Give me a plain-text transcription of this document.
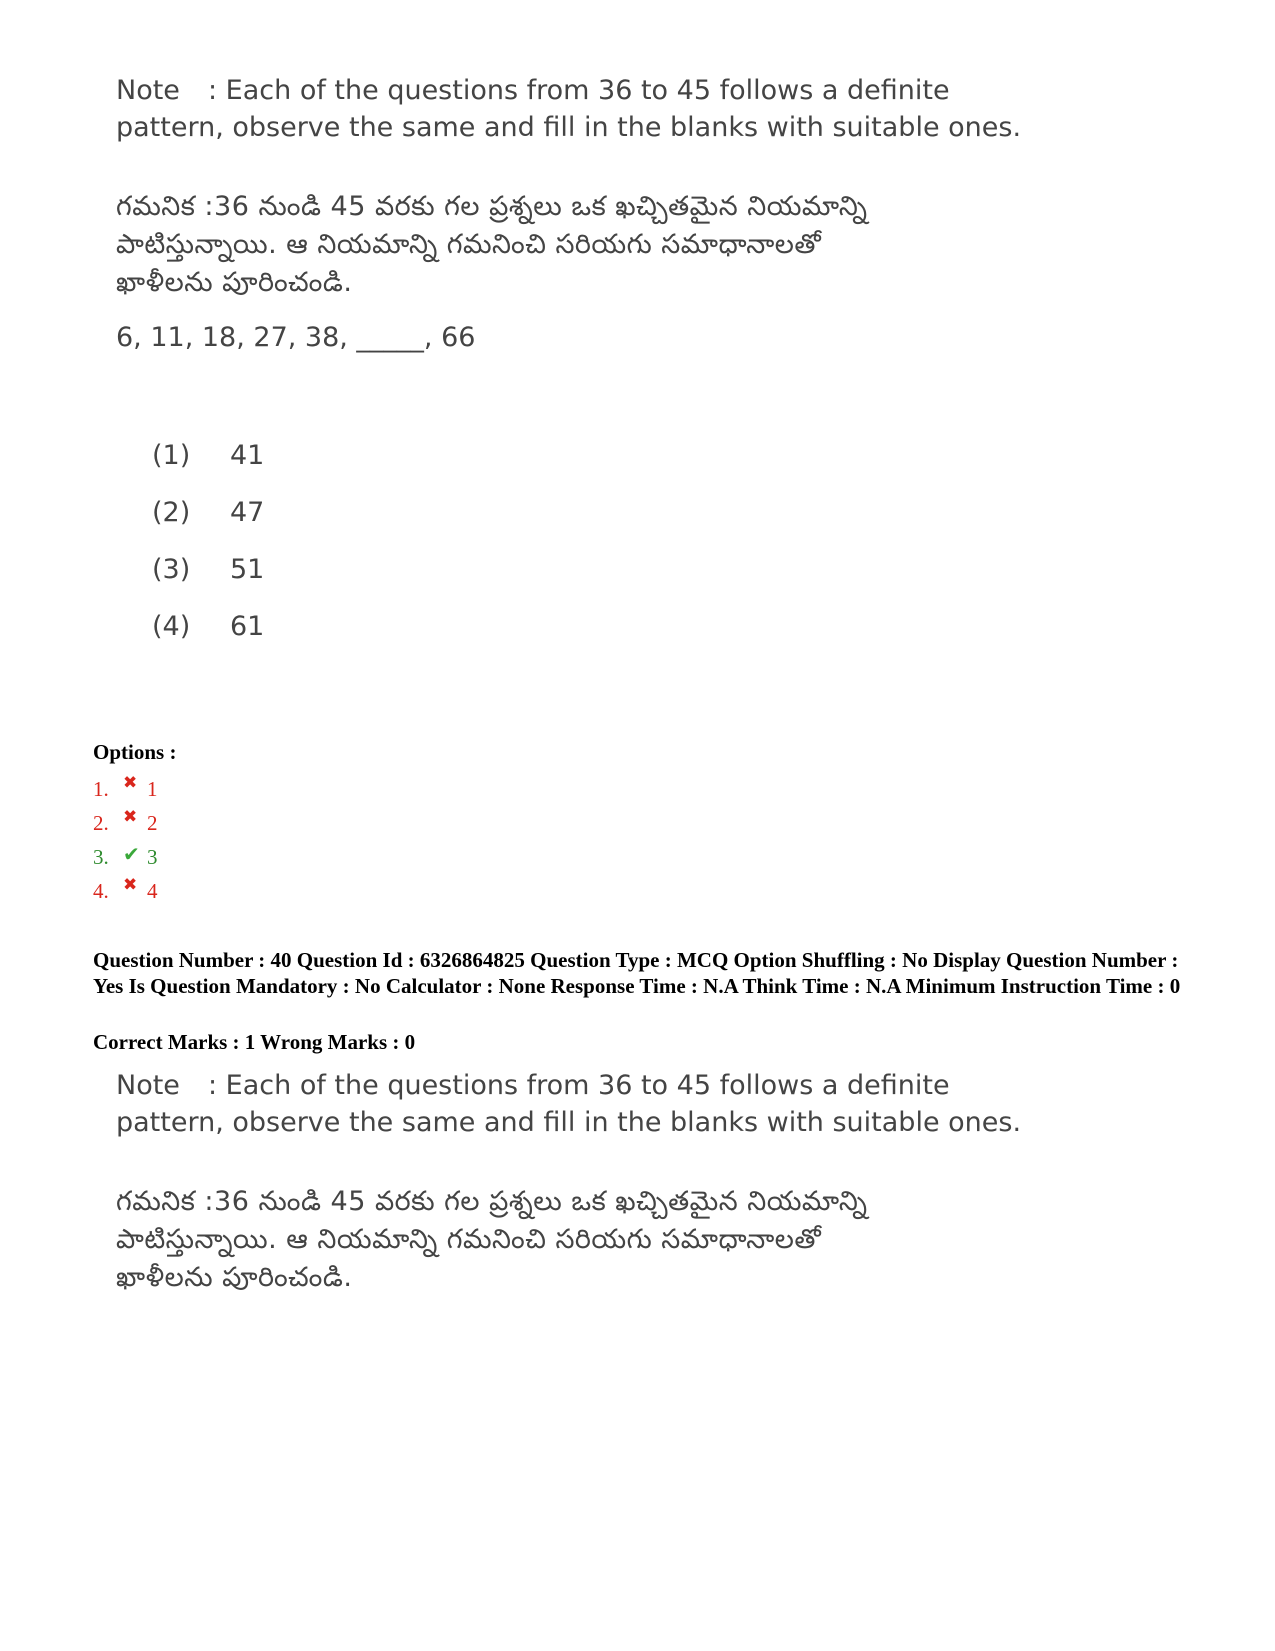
Note : Each of the questions from 36 to 45 follows a definite pattern, observe the same and fill in the blanks with suitable ones.
గమనిక :36 నుండి 45 వరకు గల ప్రశ్నలు ఒక ఖచ్చితమైన నియమాన్ని
పాటిస్తున్నాయి. ఆ నియమాన్ని గమనించి సరియగు సమాధానాలతో
ఖాళీలను పూరించండి.
6, 11, 18, 27, 38, _____, 66
(1)	41
(2)	47
(3)	51
(4)	61
Options :
1. ✖ 1
2. ✖ 2
3. ✔ 3
4. ✖ 4
Question Number : 40 Question Id : 6326864825 Question Type : MCQ Option Shuffling : No Display Question Number : Yes Is Question Mandatory : No Calculator : None Response Time : N.A Think Time : N.A Minimum Instruction Time : 0
Correct Marks : 1 Wrong Marks : 0
Note : Each of the questions from 36 to 45 follows a definite pattern, observe the same and fill in the blanks with suitable ones.
గమనిక :36 నుండి 45 వరకు గల ప్రశ్నలు ఒక ఖచ్చితమైన నియమాన్ని
పాటిస్తున్నాయి. ఆ నియమాన్ని గమనించి సరియగు సమాధానాలతో
ఖాళీలను పూరించండి.
